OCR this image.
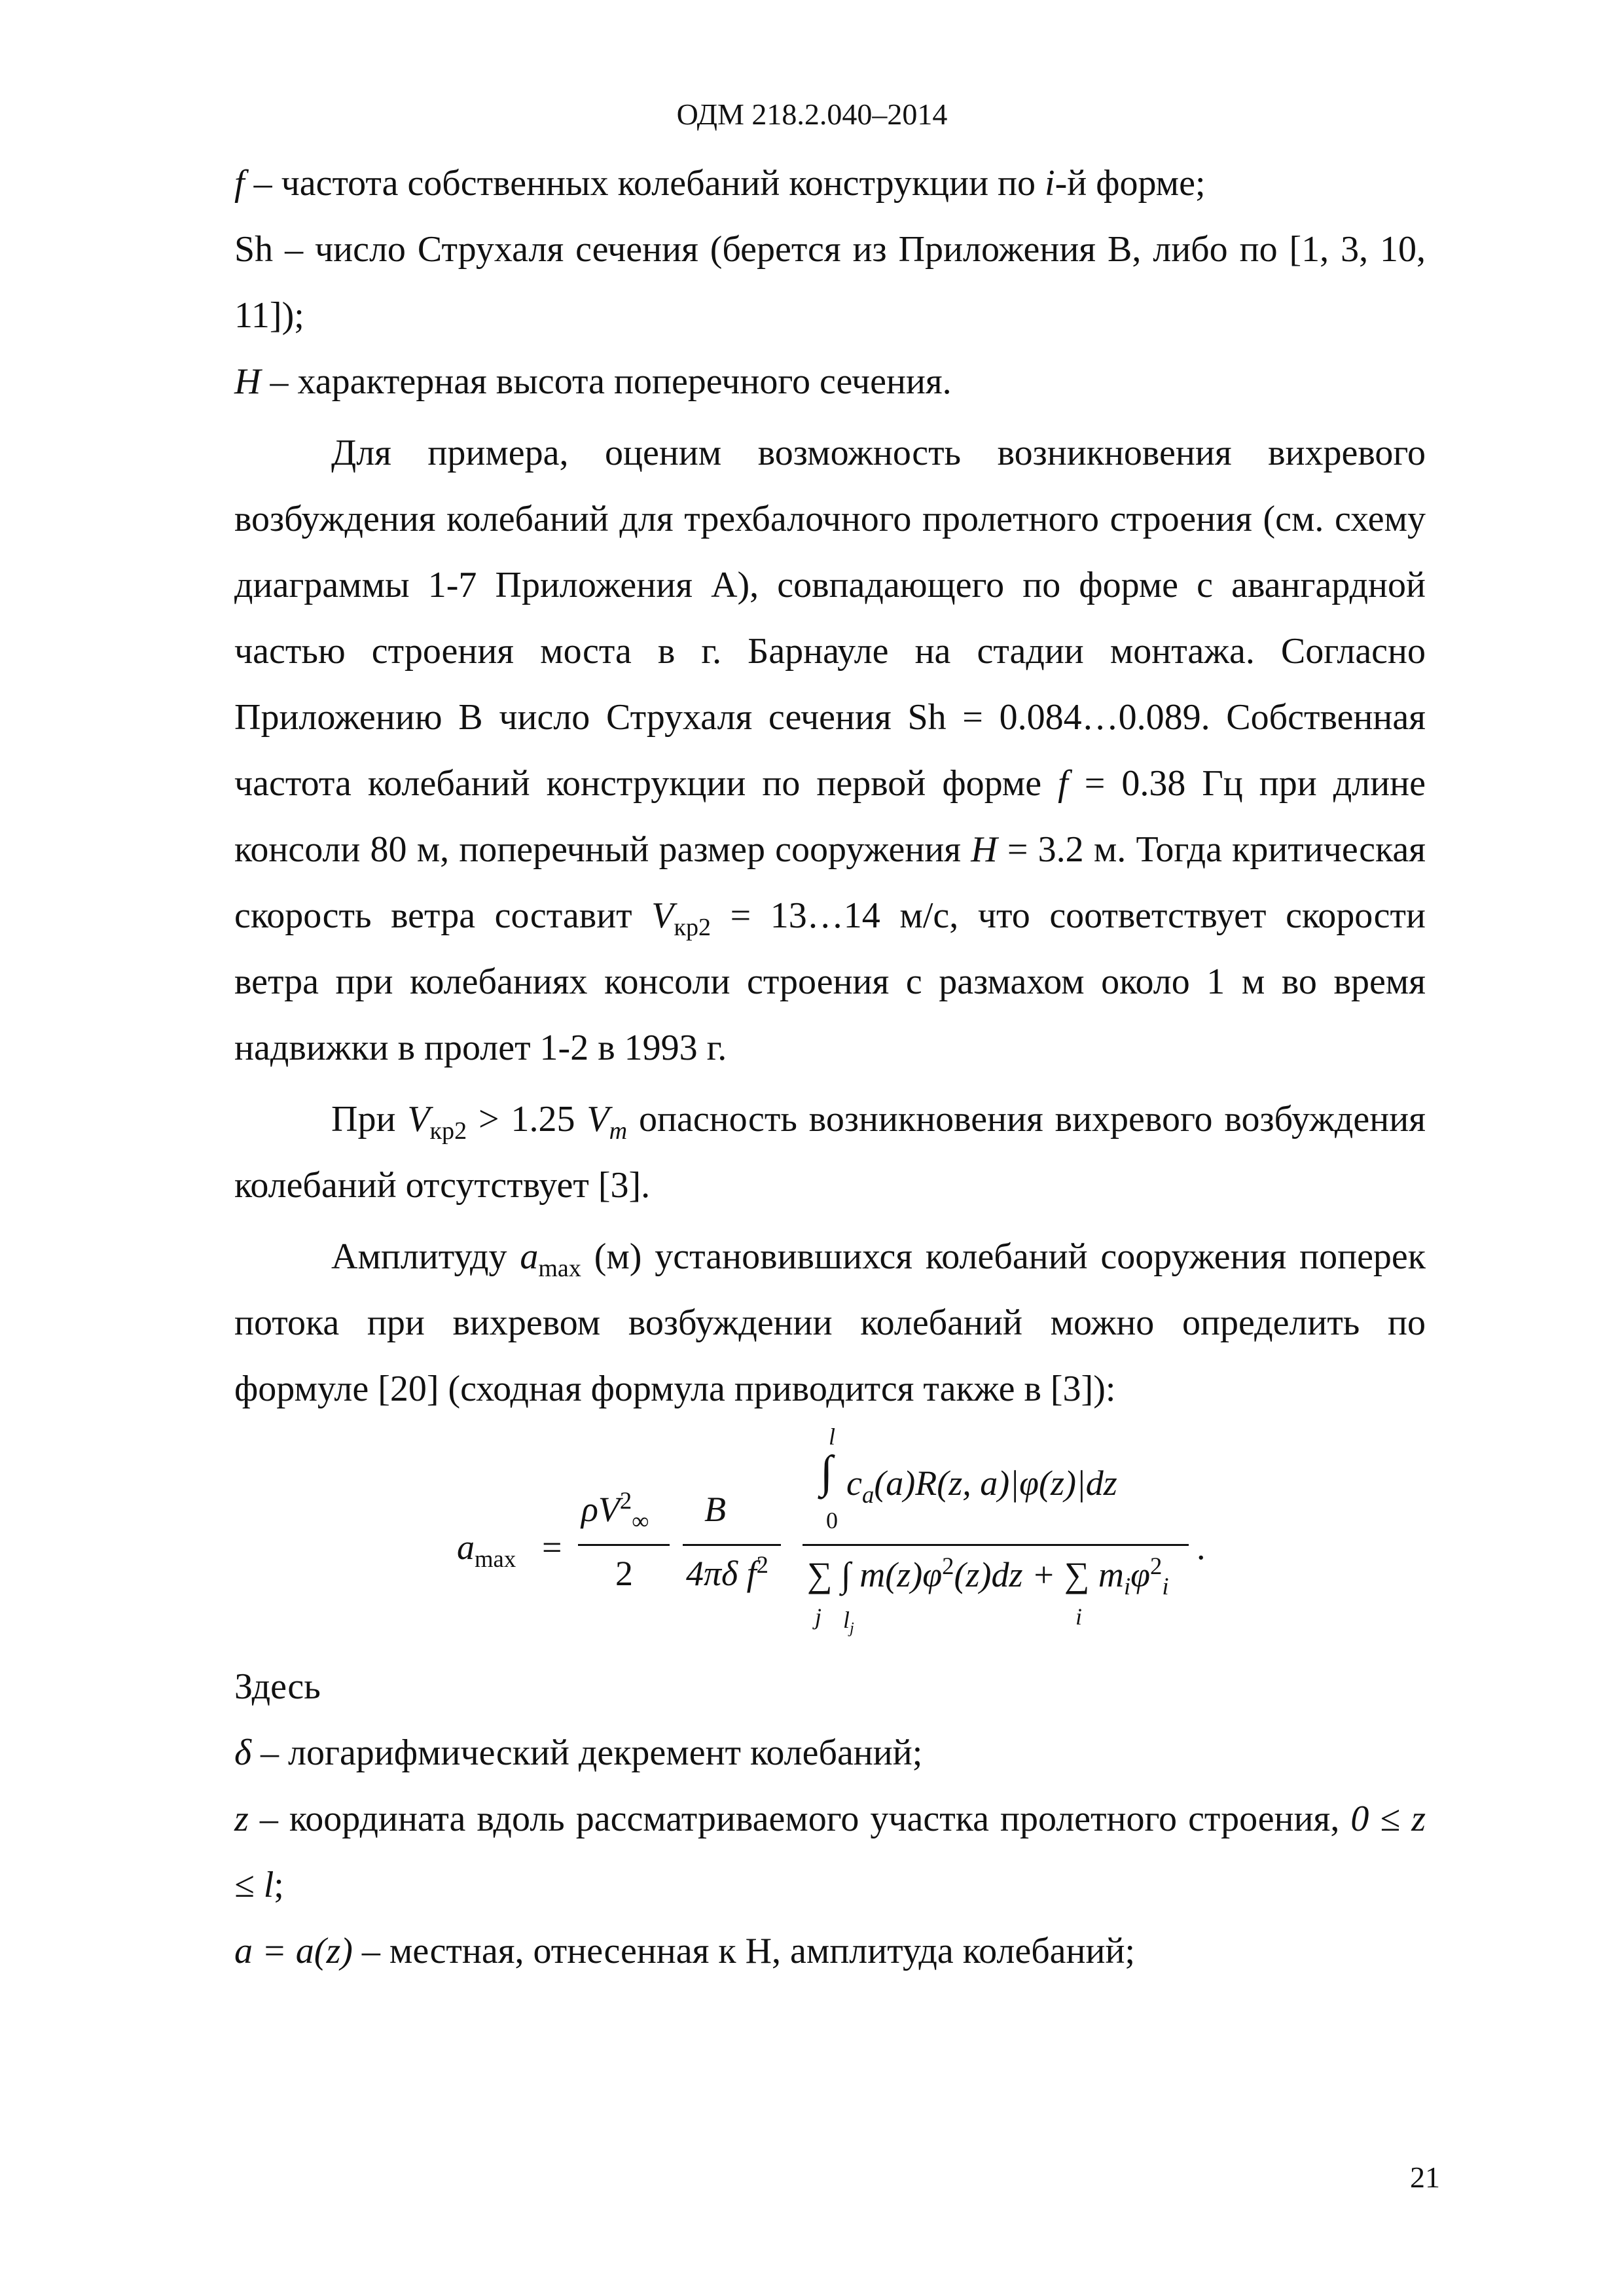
ОДМ 218.2.040–2014

f – частота собственных колебаний конструкции по i-й форме;

Sh – число Струхаля сечения (берется из Приложения В, либо по [1, 3, 10, 11]);

H – характерная высота поперечного сечения.

Для примера, оценим возможность возникновения вихревого возбуждения колебаний для трехбалочного пролетного строения (см. схему диаграммы 1-7 Приложения А), совпадающего по форме с авангардной частью строения моста в г. Барнауле на стадии монтажа. Согласно Приложению В число Струхаля сечения Sh = 0.084…0.089. Собственная частота колебаний конструкции по первой форме f = 0.38 Гц при длине консоли 80 м, поперечный размер сооружения H = 3.2 м. Тогда критическая скорость ветра составит $V_{кр2}$ = 13…14 м/с, что соответствует скорости ветра при колебаниях консоли строения с размахом около 1 м во время надвижки в пролет 1-2 в 1993 г.

При $V_{кр2} > 1.25$ $V_m$ опасность возникновения вихревого возбуждения колебаний отсутствует [3].

Амплитуду $a_{max}$ (м) установившихся колебаний сооружения поперек потока при вихревом возбуждении колебаний можно определить по формуле [20] (сходная формула приводится также в [3]):

$a_{max}$ =
$\rho V^2_\infty$
2
B
4πδ $f^2$
l
∫
0
$c_a(a)R(z$, a)|φ(z)|dz
∑ ∫ $m(z)\varphi^2(z)dz$ + ∑ $m_i\varphi^2_i$
j $l_j$	i
.

Здесь

δ – логарифмический декремент колебаний;

z – координата вдоль рассматриваемого участка пролетного строения, 0 ≤ z ≤ l;

a = a(z) – местная, отнесенная к H, амплитуда колебаний;

21
